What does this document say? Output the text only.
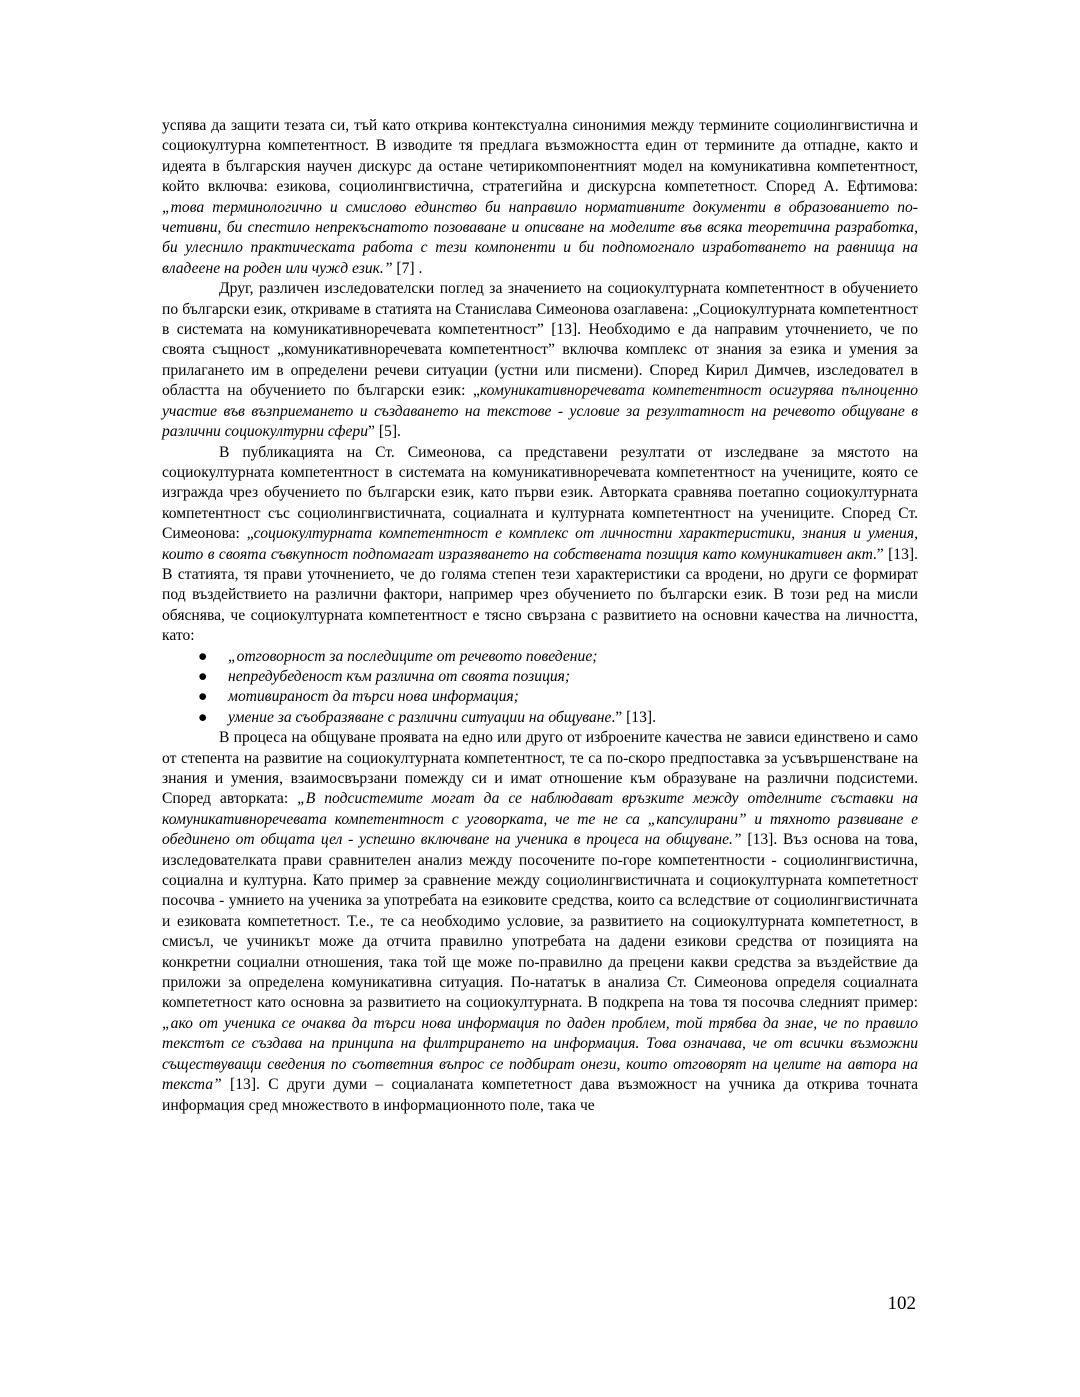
успява да защити тезата си, тъй като открива контекстуална синонимия между термините социолингвистична и социокултурна компетентност. В изводите тя предлага възможността един от термините да отпадне, както и идеята в българския научен дискурс да остане четирикомпонентният модел на комуникативна компетентност, който включва: езикова, социолингвистична, стратегийна и дискурсна компететност. Според А. Ефтимова: „това терминологично и смислово единство би направило нормативните документи в образованието по-четивни, би спестило непрекъснатото позоваване и описване на моделите във всяка теоретична разработка, би улеснило практическата работа с тези компоненти и би подпомогнало изработването на равнища на владеене на роден или чужд език.” [7] .

Друг, различен изследователски поглед за значението на социокултурната компетентност в обучението по български език, откриваме в статията на Станислава Симеонова озаглавена: „Социокултурната компетентност в системата на комуникативноречевата компетентност” [13]. Необходимо е да направим уточнението, че по своята същност „комуникативноречевата компетентност” включва комплекс от знания за езика и умения за прилагането им в определени речеви ситуации (устни или писмени). Според Кирил Димчев, изследовател в областта на обучението по български език: „комуникативноречевата компетентност осигурява пълноценно участие във възприемането и създаването на текстове - условие за резултатност на речевото общуване в различни социокултурни сфери” [5].

В публикацията на Ст. Симеонова, са представени резултати от изследване за мястото на социокултурната компетентност в системата на комуникативноречевата компетентност на учениците, която се изгражда чрез обучението по български език, като първи език. Авторката сравнява поетапно социокултурната компетентност със социолингвистичната, социалната и културната компетентност на учениците. Според Ст. Симеонова: „социокултурната компетентност е комплекс от личностни характеристики, знания и умения, които в своята съвкупност подпомагат изразяването на собствената позиция като комуникативен акт.” [13]. В статията, тя прави уточнението, че до голяма степен тези характеристики са вродени, но други се формират под въздействието на различни фактори, например чрез обучението по български език. В този ред на мисли обяснява, че социокултурната компетентност е тясно свързана с развитието на основни качества на личността, като:

● „отговорност за последиците от речевото поведение;
● непредубеденост към различна от своята позиция;
● мотивираност да търси нова информация;
● умение за съобразяване с различни ситуации на общуване.” [13].

В процеса на общуване проявата на едно или друго от изброените качества не зависи единствено и само от степента на развитие на социокултурната компетентност, те са по-скоро предпоставка за усъвършенстване на знания и умения, взаимосвързани помежду си и имат отношение към образуване на различни подсистеми. Според авторката: „В подсистемите могат да се наблюдават връзките между отделните съставки на комуникативноречевата компетентност с уговорката, че те не са „капсулирани” и тяхното развиване е обединено от общата цел - успешно включване на ученика в процеса на общуване.” [13]. Въз основа на това, изследователката прави сравнителен анализ между посочените по-горе компетентности - социолингвистична, социална и културна. Като пример за сравнение между социолингвистичната и социокултурната компететност посочва - умнието на ученика за употребата на езиковите средства, които са вследствие от социолингвистичната и езиковата компететност. Т.е., те са необходимо условие, за развитието на социокултурната компететност, в смисъл, че учиникът може да отчита правилно употребата на дадени езикови средства от позицията на конкретни социални отношения, така той ще може по-правилно да прецени какви средства за въздействие да приложи за определена комуникативна ситуация. По-нататък в анализа Ст. Симеонова определя социалната компететност като основна за развитието на социокултурната. В подкрепа на това тя посочва следният пример: „ако от ученика се очаква да търси нова информация по даден проблем, той трябва да знае, че по правило текстът се създава на принципа на филтрирането на информация. Това означава, че от всички възможни съществуващи сведения по съответния въпрос се подбират онези, които отговорят на целите на автора на текста” [13]. С други думи – социаланата компететност дава възможност на учника да открива точната информация сред множеството в информационното поле, така че

102
